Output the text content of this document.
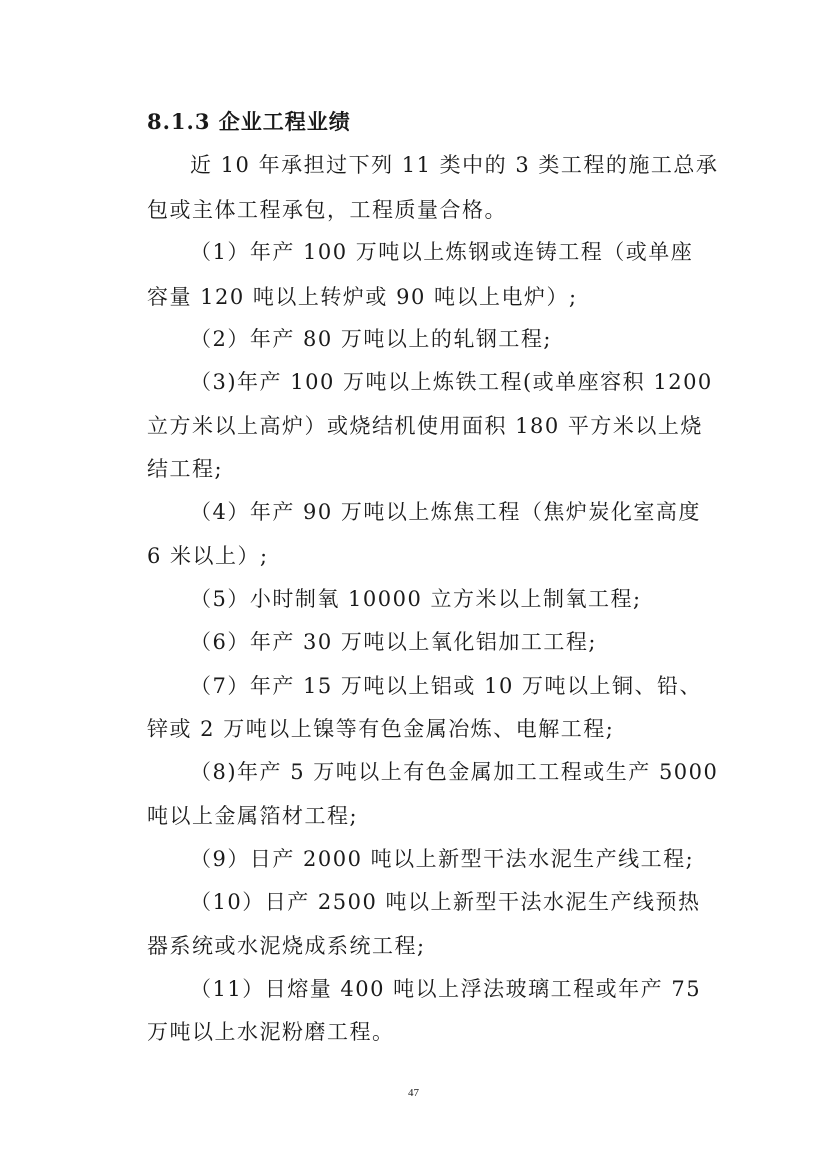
8.1.3 企业工程业绩
近 10 年承担过下列 11 类中的 3 类工程的施工总承
包或主体工程承包，工程质量合格。
（1）年产 100 万吨以上炼钢或连铸工程（或单座
容量 120 吨以上转炉或 90 吨以上电炉）;
（2）年产 80 万吨以上的轧钢工程;
（3)年产 100 万吨以上炼铁工程(或单座容积 1200
立方米以上高炉）或烧结机使用面积 180 平方米以上烧
结工程;
（4）年产 90 万吨以上炼焦工程（焦炉炭化室高度
6 米以上）;
（5）小时制氧 10000 立方米以上制氧工程;
（6）年产 30 万吨以上氧化铝加工工程;
（7）年产 15 万吨以上铝或 10 万吨以上铜、铅、
锌或 2 万吨以上镍等有色金属冶炼、电解工程;
（8)年产 5 万吨以上有色金属加工工程或生产 5000
吨以上金属箔材工程;
（9）日产 2000 吨以上新型干法水泥生产线工程;
（10）日产 2500 吨以上新型干法水泥生产线预热
器系统或水泥烧成系统工程;
（11）日熔量 400 吨以上浮法玻璃工程或年产 75
万吨以上水泥粉磨工程。
47
